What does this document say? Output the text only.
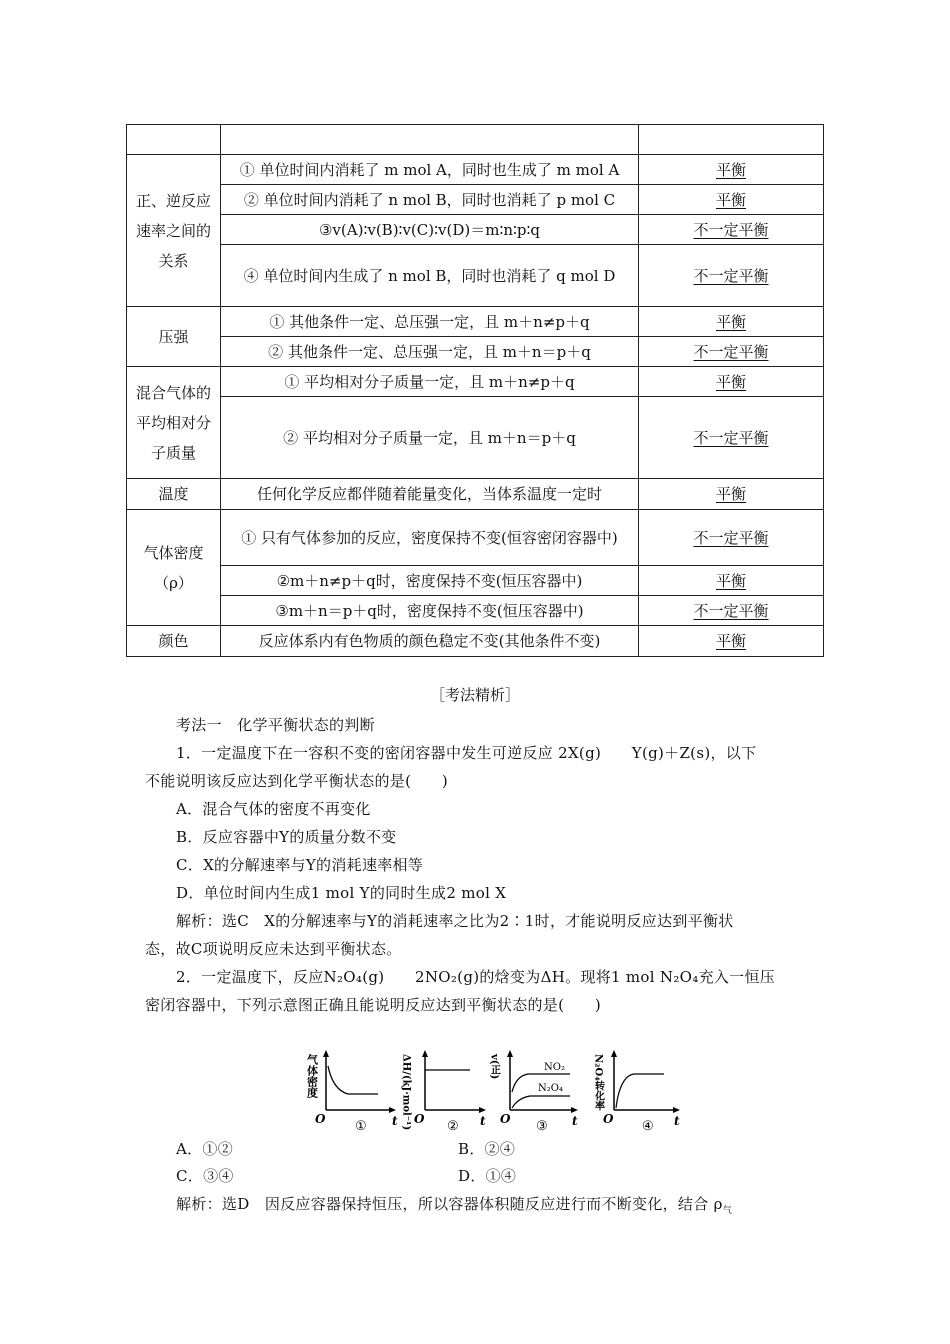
正、逆反应速率之间的关系	① 单位时间内消耗了 m mol A，同时也生成了 m mol A	平衡
	② 单位时间内消耗了 n mol B，同时也消耗了 p mol C	平衡
	③v(A)∶v(B)∶v(C)∶v(D)＝m∶n∶p∶q	不一定平衡
	④ 单位时间内生成了 n mol B，同时也消耗了 q mol D	不一定平衡
压强	① 其他条件一定、总压强一定，且 m＋n≠p＋q	平衡
	② 其他条件一定、总压强一定，且 m＋n＝p＋q	不一定平衡
混合气体的平均相对分子质量	① 平均相对分子质量一定，且 m＋n≠p＋q	平衡
	② 平均相对分子质量一定，且 m＋n＝p＋q	不一定平衡
温度	任何化学反应都伴随着能量变化，当体系温度一定时	平衡
气体密度（ρ）	① 只有气体参加的反应，密度保持不变(恒容密闭容器中)	不一定平衡
	②m＋n≠p＋q时，密度保持不变(恒压容器中)	平衡
	③m＋n＝p＋q时，密度保持不变(恒压容器中)	不一定平衡
颜色	反应体系内有色物质的颜色稳定不变(其他条件不变)	平衡
［考法精析］
考法一　化学平衡状态的判断
1．一定温度下在一容积不变的密闭容器中发生可逆反应 2X(g)　　Y(g)＋Z(s)，以下
不能说明该反应达到化学平衡状态的是(　　)
A．混合气体的密度不再变化
B．反应容器中Y的质量分数不变
C．X的分解速率与Y的消耗速率相等
D．单位时间内生成1 mol Y的同时生成2 mol X
解析：选C　X的分解速率与Y的消耗速率之比为2∶1时，才能说明反应达到平衡状
态，故C项说明反应未达到平衡状态。
2．一定温度下，反应N₂O₄(g)　　2NO₂(g)的焓变为ΔH。现将1 mol N₂O₄充入一恒压
密闭容器中，下列示意图正确且能说明反应达到平衡状态的是(　　)
气体密度
O	t
①	ΔH/(kJ·mol⁻¹) O	t
②
v(正)	NO₂
N₂O₄
O	t
③
N₂O₄转化率
O	t
④
A．①②	B．②④
C．③④	D．①④
解析：选D　因反应容器保持恒压，所以容器体积随反应进行而不断变化，结合 $\rho_气$
